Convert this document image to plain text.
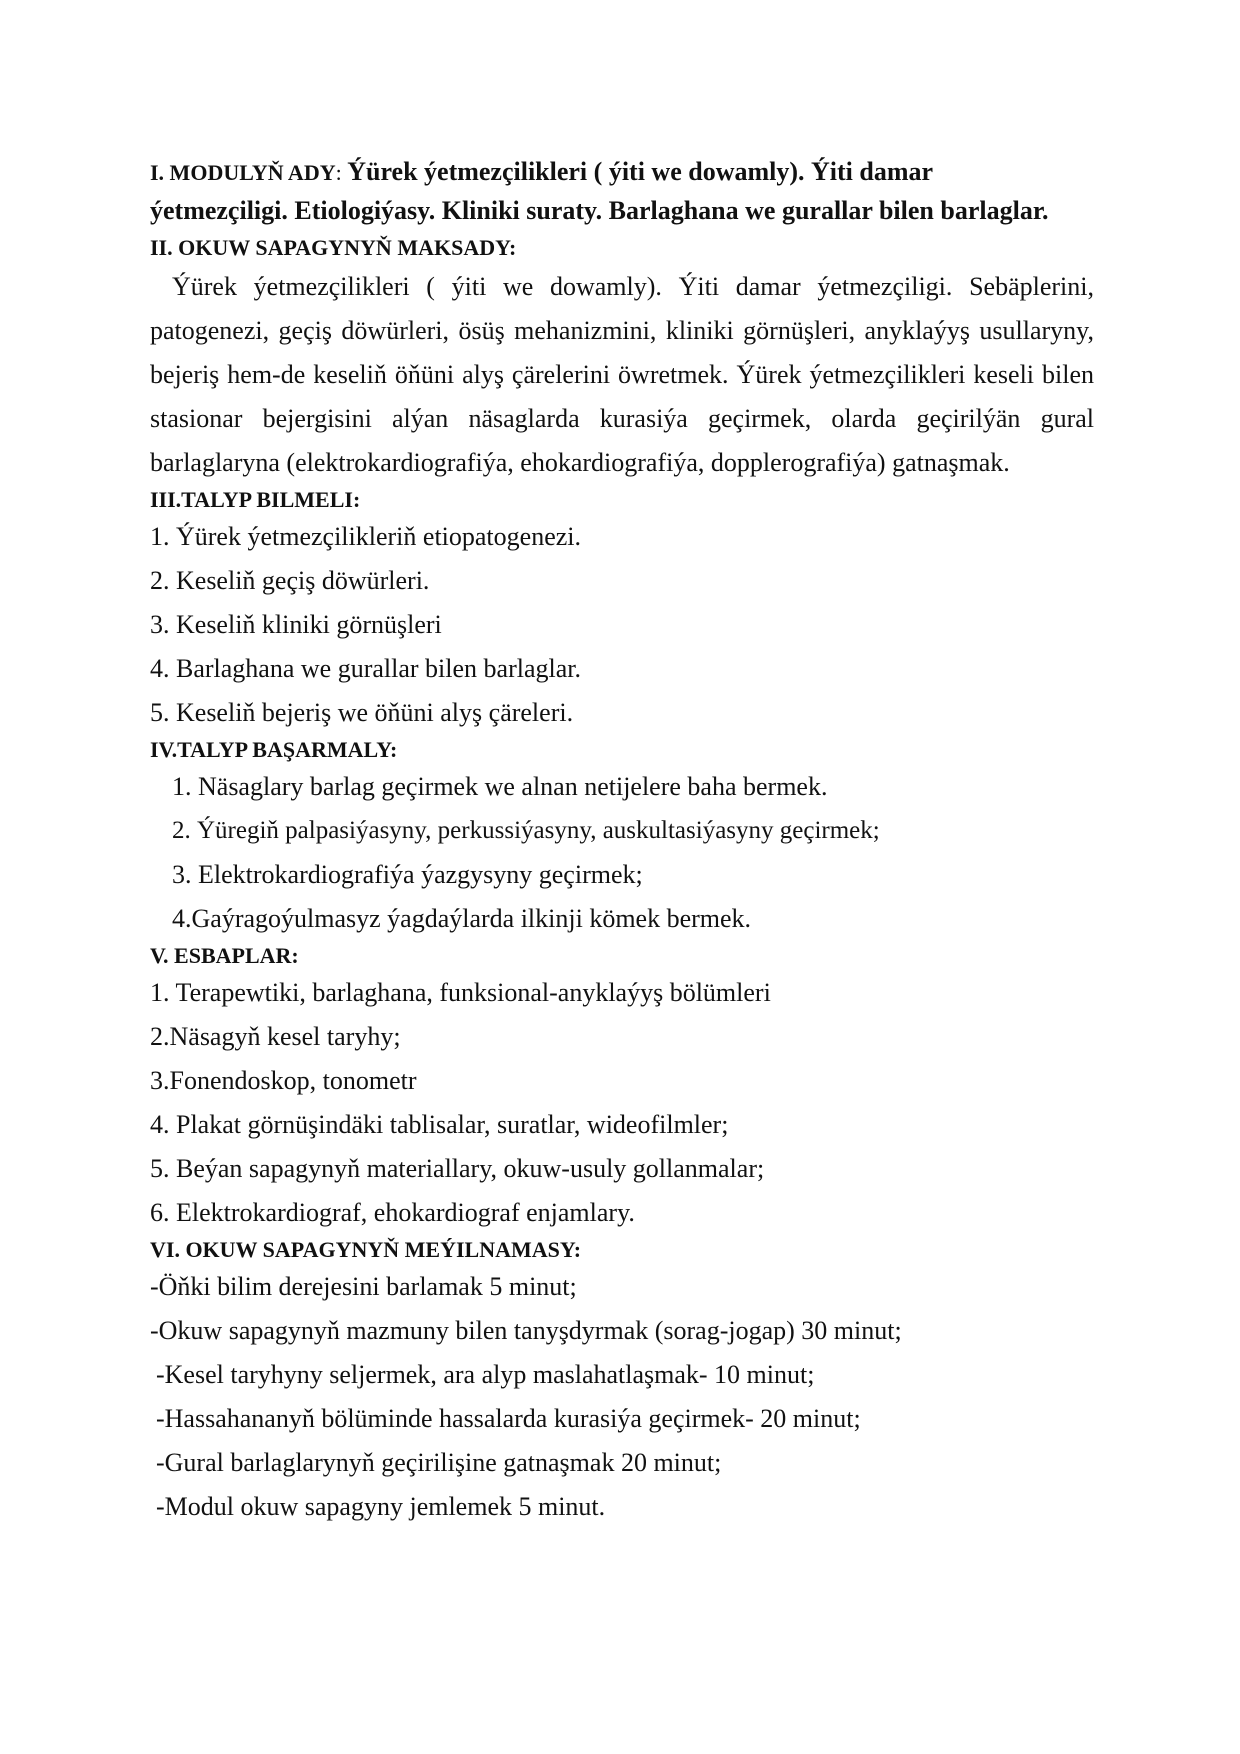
I. MODULYŇ ADY: Ýürek ýetmezçilikleri ( ýiti we dowamly). Ýiti damar

ýetmezçiligi. Etiologiýasy. Kliniki suraty. Barlaghana we gurallar bilen barlaglar.

II. OKUW SAPAGYNYŇ MAKSADY:

Ýürek ýetmezçilikleri ( ýiti we dowamly). Ýiti damar ýetmezçiligi. Sebäplerini, patogenezi, geçiş döwürleri, ösüş mehanizmini, kliniki görnüşleri, anyklaýyş usullaryny, bejeriş hem-de keseliň öňüni alyş çärelerini öwretmek. Ýürek ýetmezçilikleri keseli bilen stasionar bejergisini alýan näsaglarda kurasiýa geçirmek, olarda geçirilýän gural barlaglaryna (elektrokardiografiýa, ehokardiografiýa, dopplerografiýa) gatnaşmak.

III.TALYP BILMELI:

1. Ýürek ýetmezçilikleriň etiopatogenezi.

2. Keseliň geçiş döwürleri.

3. Keseliň kliniki görnüşleri

4. Barlaghana we gurallar bilen barlaglar.

5. Keseliň bejeriş we öňüni alyş çäreleri.

IV.TALYP BAŞARMALY:

1. Näsaglary barlag geçirmek we alnan netijelere baha bermek.

2. Ýüregiň palpasiýasyny, perkussiýasyny, auskultasiýasyny geçirmek;

3. Elektrokardiografiýa ýazgysyny geçirmek;

4.Gaýragoýulmasyz ýagdaýlarda ilkinji kömek bermek.

V. ESBAPLAR:

1. Terapewtiki, barlaghana, funksional-anyklaýyş bölümleri

2.Näsagyň kesel taryhy;

3.Fonendoskop, tonometr

4. Plakat görnüşindäki tablisalar, suratlar, wideofilmler;

5. Beýan sapagynyň materiallary, okuw-usuly gollanmalar;

6. Elektrokardiograf, ehokardiograf enjamlary.

VI. OKUW SAPAGYNYŇ MEÝILNAMASY:

-Öňki bilim derejesini barlamak 5 minut;

-Okuw sapagynyň mazmuny bilen tanyşdyrmak (sorag-jogap) 30 minut;

-Kesel taryhyny seljermek, ara alyp maslahatlaşmak- 10 minut;

-Hassahananyň bölüminde hassalarda kurasiýa geçirmek- 20 minut;

-Gural barlaglarynyň geçirilişine gatnaşmak 20 minut;

-Modul okuw sapagyny jemlemek 5 minut.
